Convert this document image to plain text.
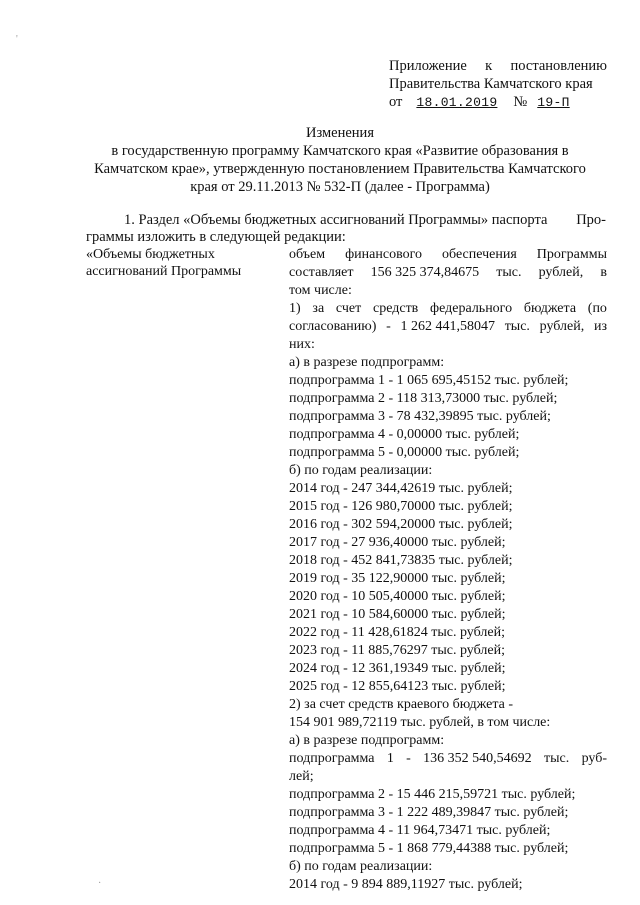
Приложение к постановлению
Правительства Камчатского края
от	18.01.2019	№ 19-П
Изменения
в государственную программу Камчатского края «Развитие образования в
Камчатском крае», утвержденную постановлением Правительства Камчатского
края от 29.11.2013 № 532-П (далее - Программа)
1. Раздел «Объемы бюджетных ассигнований Программы» паспорта Про-
граммы изложить в следующей редакции:
«Объемы бюджетных
ассигнований Программы
объем финансового обеспечения Программы
составляет 156 325 374,84675 тыс. рублей, в
том числе:
1) за счет средств федерального бюджета (по
согласованию) - 1 262 441,58047 тыс. рублей, из
них:
а) в разрезе подпрограмм:
подпрограмма 1 - 1 065 695,45152 тыс. рублей;
подпрограмма 2 - 118 313,73000 тыс. рублей;
подпрограмма 3 - 78 432,39895 тыс. рублей;
подпрограмма 4 - 0,00000 тыс. рублей;
подпрограмма 5 - 0,00000 тыс. рублей;
б) по годам реализации:
2014 год - 247 344,42619 тыс. рублей;
2015 год - 126 980,70000 тыс. рублей;
2016 год - 302 594,20000 тыс. рублей;
2017 год - 27 936,40000 тыс. рублей;
2018 год - 452 841,73835 тыс. рублей;
2019 год - 35 122,90000 тыс. рублей;
2020 год - 10 505,40000 тыс. рублей;
2021 год - 10 584,60000 тыс. рублей;
2022 год - 11 428,61824 тыс. рублей;
2023 год - 11 885,76297 тыс. рублей;
2024 год - 12 361,19349 тыс. рублей;
2025 год - 12 855,64123 тыс. рублей;
2) за счет средств краевого бюджета -
154 901 989,72119 тыс. рублей, в том числе:
а) в разрезе подпрограмм:
подпрограмма 1 - 136 352 540,54692 тыс. руб-
лей;
подпрограмма 2 - 15 446 215,59721 тыс. рублей;
подпрограмма 3 - 1 222 489,39847 тыс. рублей;
подпрограмма 4 - 11 964,73471 тыс. рублей;
подпрограмма 5 - 1 868 779,44388 тыс. рублей;
б) по годам реализации:
2014 год - 9 894 889,11927 тыс. рублей;
'
·
